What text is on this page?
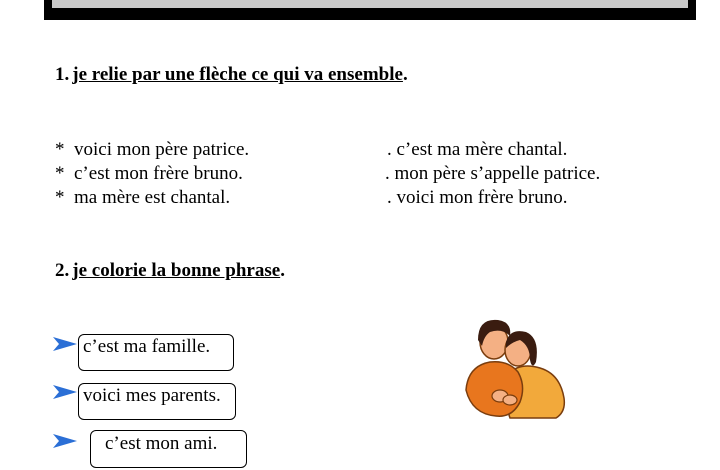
1. je relie par une flèche ce qui va ensemble.
* voici mon père patrice.
* c’est mon frère bruno.
* ma mère est chantal.
. c’est ma mère chantal.
. mon père s’appelle patrice.
. voici mon frère bruno.
2. je colorie la bonne phrase.
c’est ma famille.
voici mes parents.
c’est mon ami.
